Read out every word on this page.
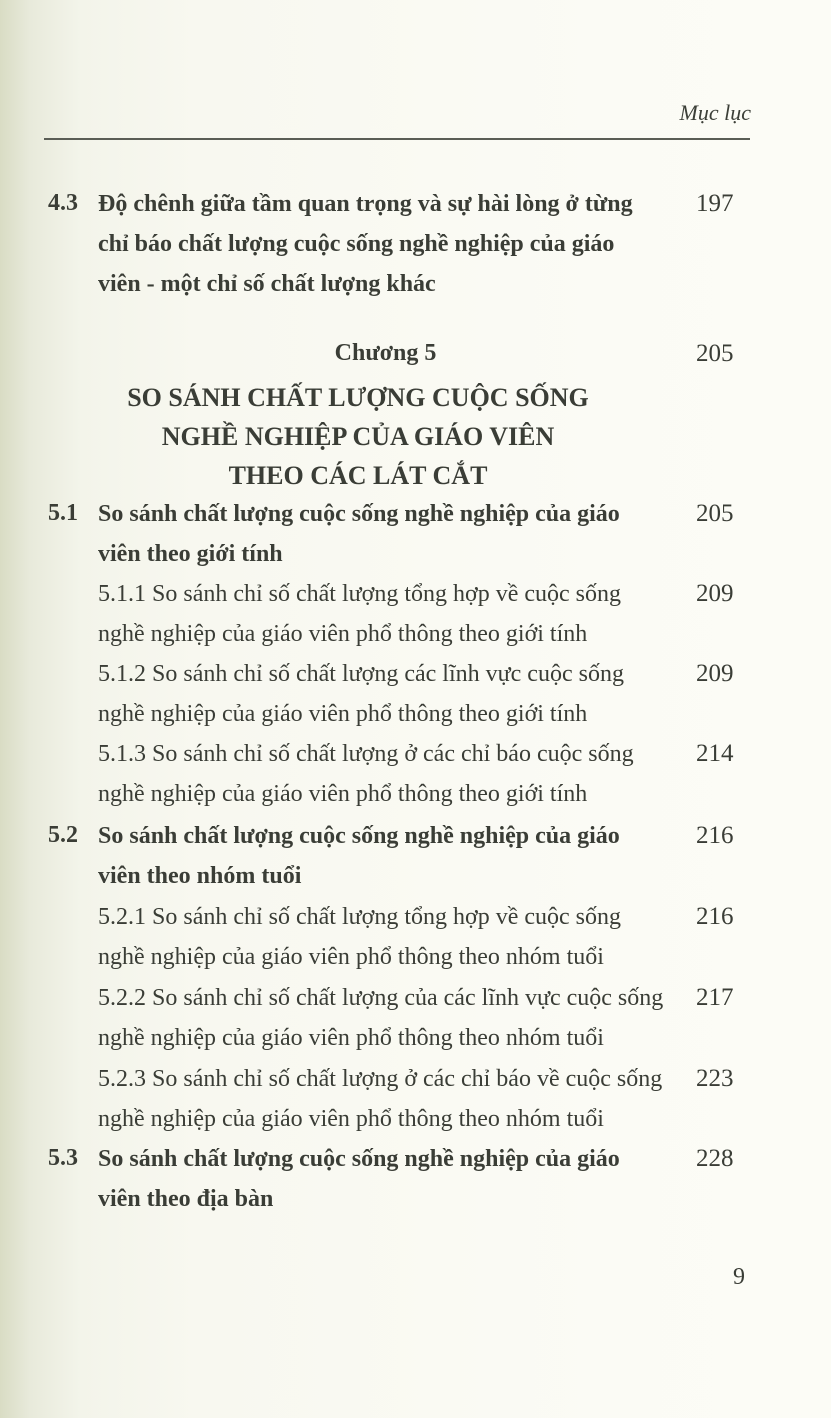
Mục lục
4.3 Độ chênh giữa tầm quan trọng và sự hài lòng ở từng chỉ báo chất lượng cuộc sống nghề nghiệp của giáo viên - một chỉ số chất lượng khác
197
Chương 5	205
SO SÁNH CHẤT LƯỢNG CUỘC SỐNG
NGHỀ NGHIỆP CỦA GIÁO VIÊN
THEO CÁC LÁT CẮT
5.1 So sánh chất lượng cuộc sống nghề nghiệp của giáo viên theo giới tính
205
5.1.1 So sánh chỉ số chất lượng tổng hợp về cuộc sống nghề nghiệp của giáo viên phổ thông theo giới tính
209
5.1.2 So sánh chỉ số chất lượng các lĩnh vực cuộc sống nghề nghiệp của giáo viên phổ thông theo giới tính
209
5.1.3 So sánh chỉ số chất lượng ở các chỉ báo cuộc sống nghề nghiệp của giáo viên phổ thông theo giới tính
214
5.2 So sánh chất lượng cuộc sống nghề nghiệp của giáo viên theo nhóm tuổi
216
5.2.1 So sánh chỉ số chất lượng tổng hợp về cuộc sống nghề nghiệp của giáo viên phổ thông theo nhóm tuổi
216
5.2.2 So sánh chỉ số chất lượng của các lĩnh vực cuộc sống nghề nghiệp của giáo viên phổ thông theo nhóm tuổi
217
5.2.3 So sánh chỉ số chất lượng ở các chỉ báo về cuộc sống nghề nghiệp của giáo viên phổ thông theo nhóm tuổi
223
5.3 So sánh chất lượng cuộc sống nghề nghiệp của giáo viên theo địa bàn
228
9
